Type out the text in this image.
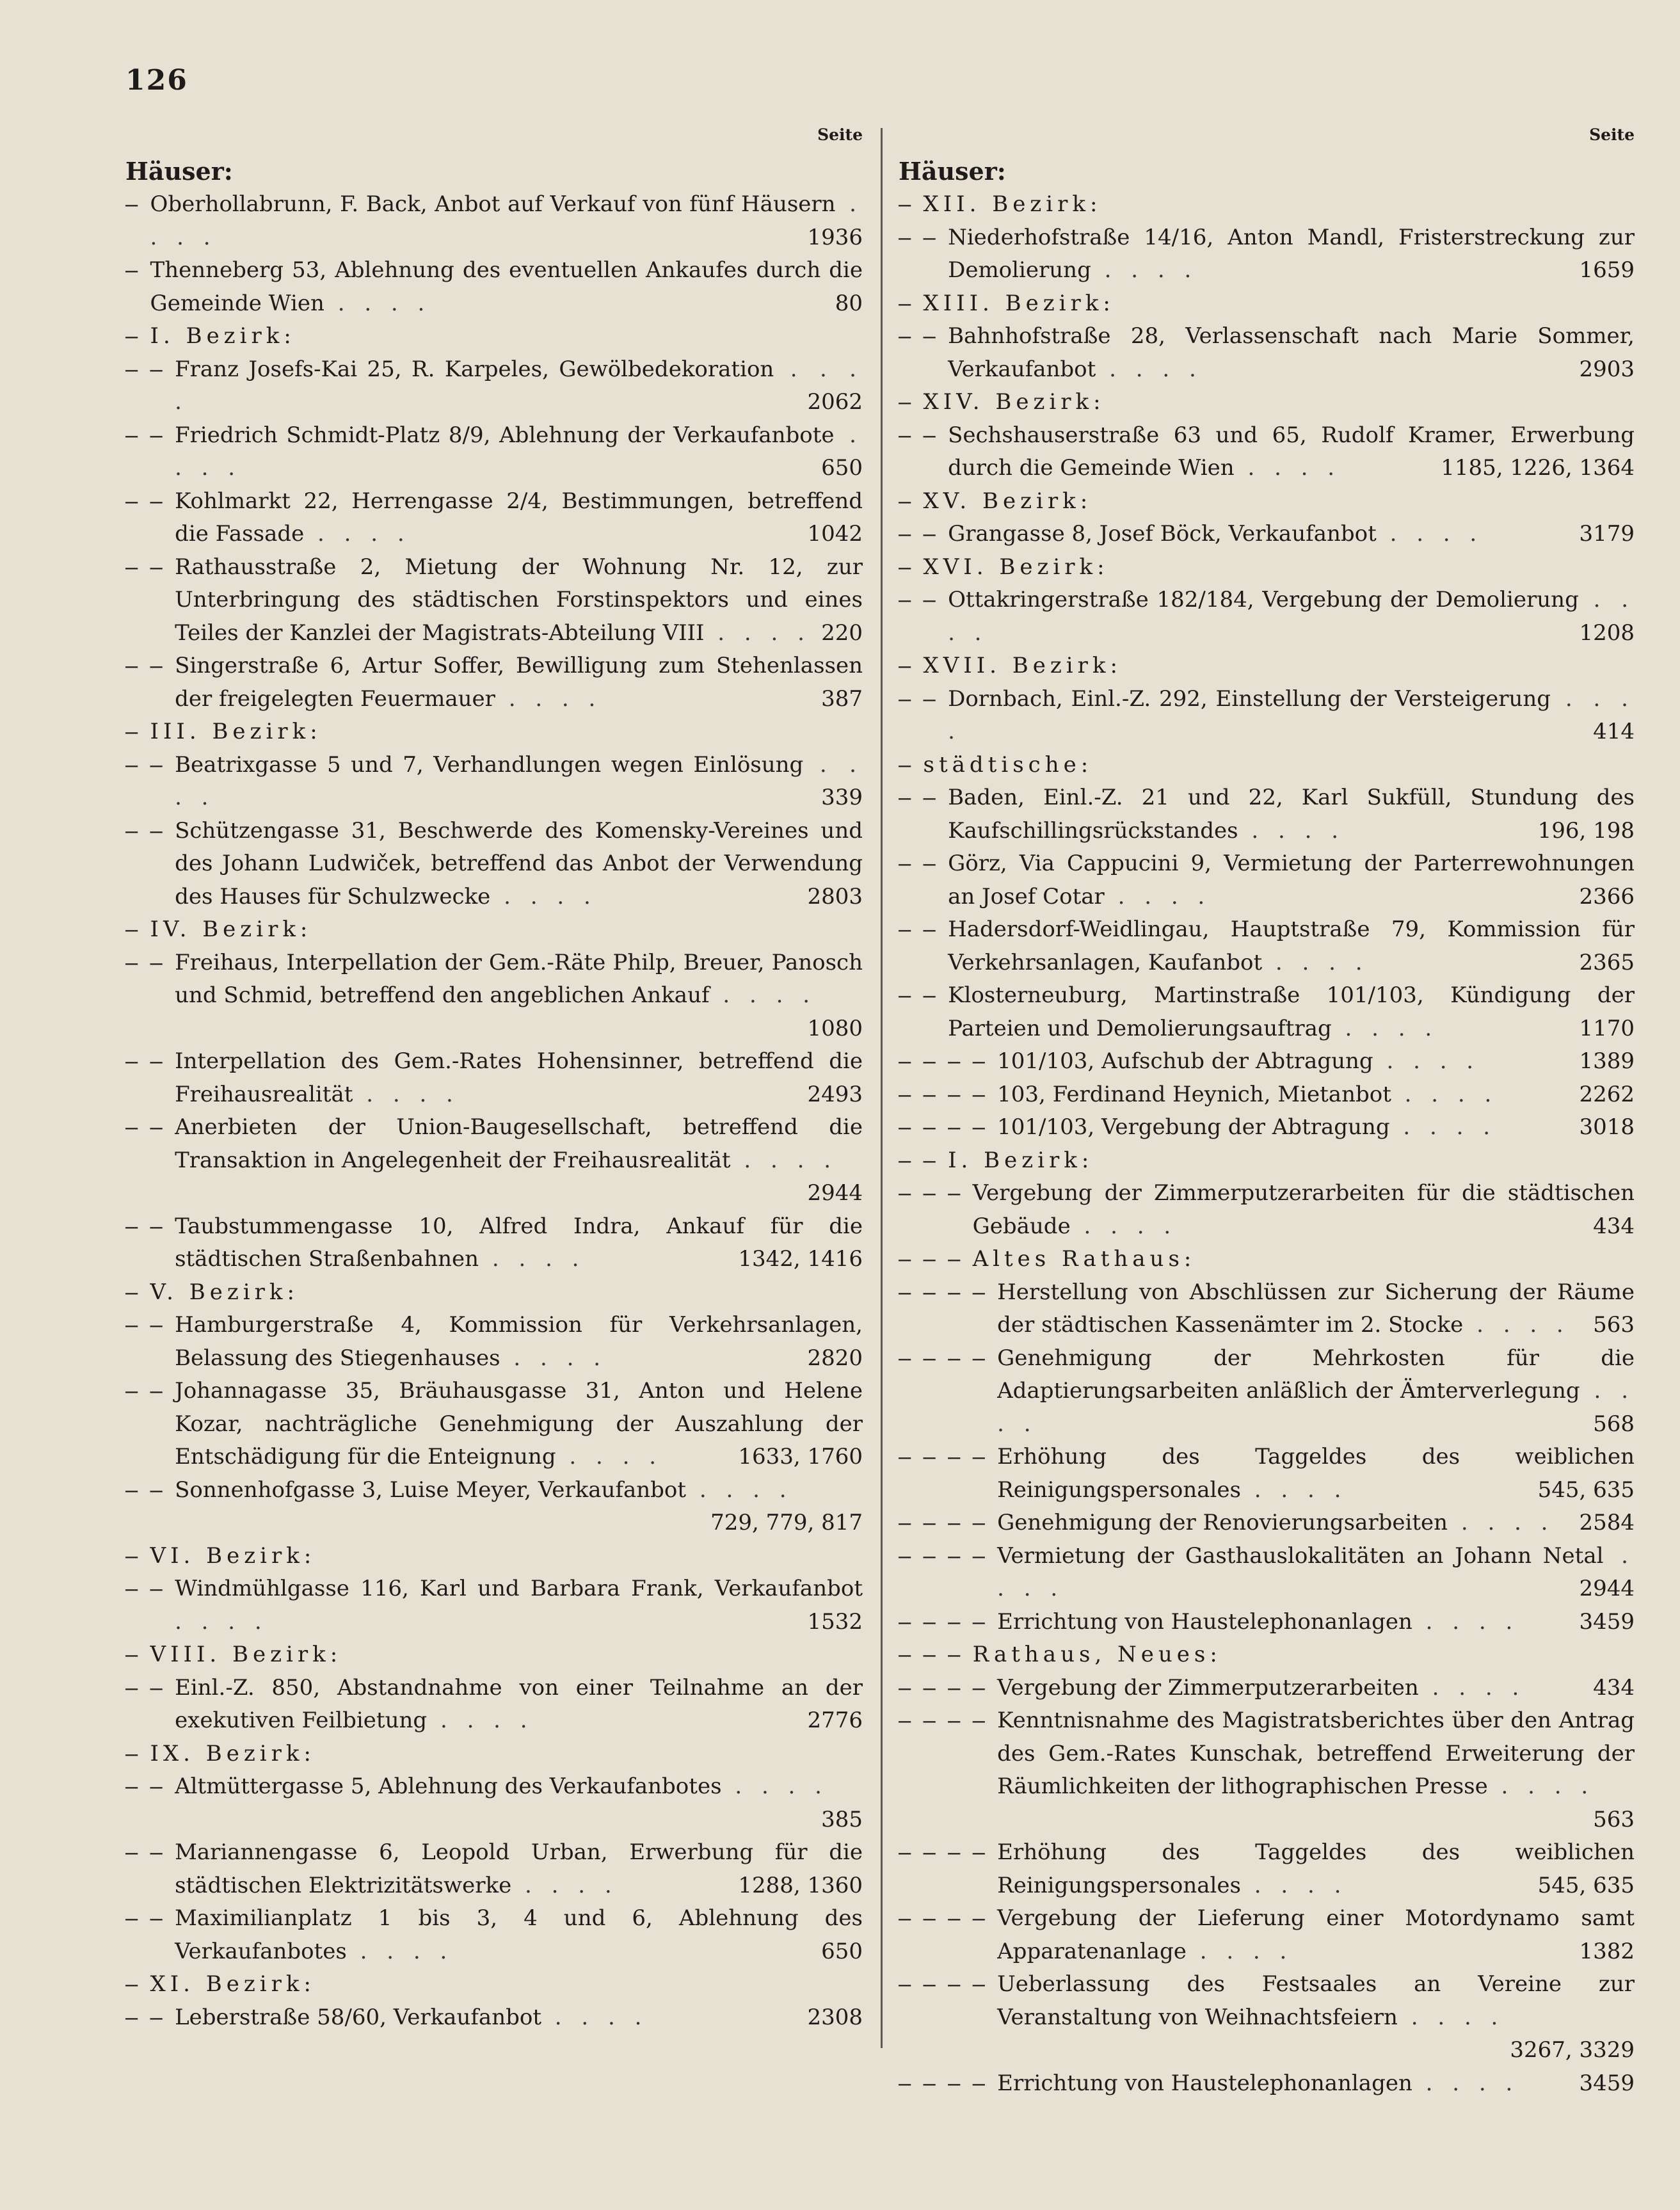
126
Seite
Häuser:
— Oberhollabrunn, F. Back, Anbot auf Verkauf von fünf Häusern . . . .	1936
— Thenneberg 53, Ablehnung des eventuellen Ankaufes durch die Gemeinde Wien . . . .	80
— I. Bezirk:
— — Franz Josefs-Kai 25, R. Karpeles, Gewölbedekoration . . . .	2062
— — Friedrich Schmidt-Platz 8/9, Ablehnung der Verkaufanbote . . . .	650
— — Kohlmarkt 22, Herrengasse 2/4, Bestimmungen, betreffend die Fassade . . . .	1042
— — Rathausstraße 2, Mietung der Wohnung Nr. 12, zur Unterbringung des städtischen Forstinspektors und eines Teiles der Kanzlei der Magistrats-Abteilung VIII . . . . 220
— — Singerstraße 6, Artur Soffer, Bewilligung zum Stehenlassen der freigelegten Feuermauer . . . .	387
— III. Bezirk:
— — Beatrixgasse 5 und 7, Verhandlungen wegen Einlösung . . . .	339
— — Schützengasse 31, Beschwerde des Komensky-Vereines und des Johann Ludwiček, betreffend das Anbot der Verwendung des Hauses für Schulzwecke . . . .	2803
— IV. Bezirk:
— — Freihaus, Interpellation der Gem.-Räte Philp, Breuer, Panosch und Schmid, betreffend den angeblichen Ankauf . . . .
1080
— — Interpellation des Gem.-Rates Hohensinner, betreffend die Freihausrealität . . . .	2493
— — Anerbieten der Union-Baugesellschaft, betreffend die Transaktion in Angelegenheit der Freihausrealität . . . .
2944
— — Taubstummengasse 10, Alfred Indra, Ankauf für die städtischen Straßenbahnen . . . .	1342, 1416
— V. Bezirk:
— — Hamburgerstraße 4, Kommission für Verkehrsanlagen, Belassung des Stiegenhauses . . . .	2820
— — Johannagasse 35, Bräuhausgasse 31, Anton und Helene Kozar, nachträgliche Genehmigung der Auszahlung der Entschädigung für die Enteignung . . . .	1633, 1760
— — Sonnenhofgasse 3, Luise Meyer, Verkaufanbot . . . .
729, 779, 817
— VI. Bezirk:
— — Windmühlgasse 116, Karl und Barbara Frank, Verkaufanbot . . . .	1532
— VIII. Bezirk:
— — Einl.-Z. 850, Abstandnahme von einer Teilnahme an der exekutiven Feilbietung . . . .	2776
— IX. Bezirk:
— — Altmüttergasse 5, Ablehnung des Verkaufanbotes . . . .
385
— — Mariannengasse 6, Leopold Urban, Erwerbung für die städtischen Elektrizitätswerke . . . .	1288, 1360
— — Maximilianplatz 1 bis 3, 4 und 6, Ablehnung des Verkaufanbotes . . . .	650
— XI. Bezirk:
— — Leberstraße 58/60, Verkaufanbot . . . .	2308
Seite
Häuser:
— XII. Bezirk:
— — Niederhofstraße 14/16, Anton Mandl, Fristerstreckung zur Demolierung . . . .	1659
— XIII. Bezirk:
— — Bahnhofstraße 28, Verlassenschaft nach Marie Sommer, Verkaufanbot . . . .	2903
— XIV. Bezirk:
— — Sechshauserstraße 63 und 65, Rudolf Kramer, Erwerbung durch die Gemeinde Wien . . . .	1185, 1226, 1364
— XV. Bezirk:
— — Grangasse 8, Josef Böck, Verkaufanbot . . . .	3179
— XVI. Bezirk:
— — Ottakringerstraße 182/184, Vergebung der Demolierung . . . .	1208
— XVII. Bezirk:
— — Dornbach, Einl.-Z. 292, Einstellung der Versteigerung . . . .	414
— städtische:
— — Baden, Einl.-Z. 21 und 22, Karl Sukfüll, Stundung des Kaufschillingsrückstandes . . . .	196, 198
— — Görz, Via Cappucini 9, Vermietung der Parterrewohnungen an Josef Cotar . . . .	2366
— — Hadersdorf-Weidlingau, Hauptstraße 79, Kommission für Verkehrsanlagen, Kaufanbot . . . .	2365
— — Klosterneuburg, Martinstraße 101/103, Kündigung der Parteien und Demolierungsauftrag . . . .	1170
— — — — 101/103, Aufschub der Abtragung . . . .	1389
— — — — 103, Ferdinand Heynich, Mietanbot . . . .	2262
— — — — 101/103, Vergebung der Abtragung . . . .	3018
— — I. Bezirk:
— — — Vergebung der Zimmerputzerarbeiten für die städtischen Gebäude . . . .	434
— — — Altes Rathaus:
— — — — Herstellung von Abschlüssen zur Sicherung der Räume der städtischen Kassenämter im 2. Stocke . . . .	563
— — — — Genehmigung der Mehrkosten für die Adaptierungsarbeiten anläßlich der Ämterverlegung . . . .	568
— — — — Erhöhung des Taggeldes des weiblichen Reinigungspersonales . . . .	545, 635
— — — — Genehmigung der Renovierungsarbeiten . . . .	2584
— — — — Vermietung der Gasthauslokalitäten an Johann Netal . . . .	2944
— — — — Errichtung von Haustelephonanlagen . . . .	3459
— — — Rathaus, Neues:
— — — — Vergebung der Zimmerputzerarbeiten . . . .	434
— — — — Kenntnisnahme des Magistratsberichtes über den Antrag des Gem.-Rates Kunschak, betreffend Erweiterung der Räumlichkeiten der lithographischen Presse . . . .
563
— — — — Erhöhung des Taggeldes des weiblichen Reinigungspersonales . . . .	545, 635
— — — — Vergebung der Lieferung einer Motordynamo samt Apparatenanlage . . . .	1382
— — — — Ueberlassung des Festsaales an Vereine zur Veranstaltung von Weihnachtsfeiern . . . .
3267, 3329
— — — — Errichtung von Haustelephonanlagen . . . .	3459
